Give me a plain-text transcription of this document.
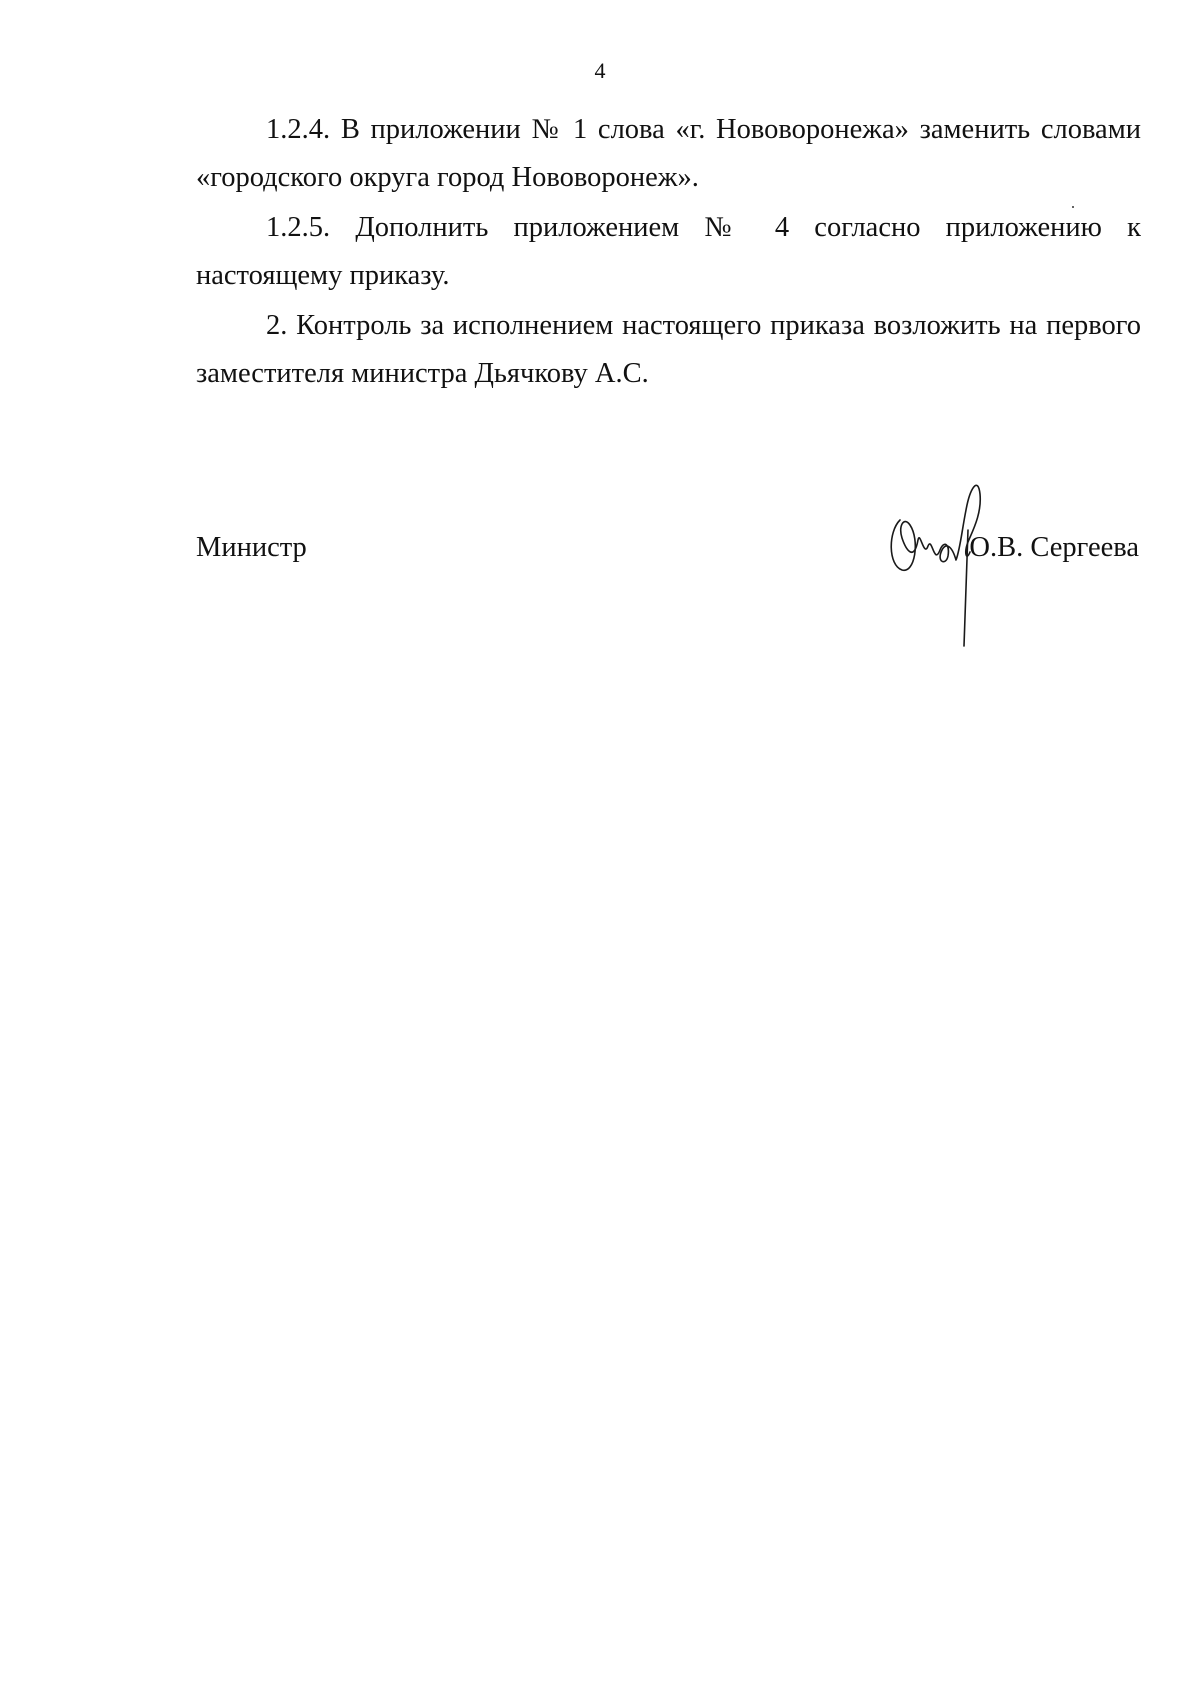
4

1.2.4. В приложении № 1 слова «г. Нововоронежа» заменить словами «городского округа город Нововоронеж».

1.2.5. Дополнить приложением № 4 согласно приложению к настоящему приказу.

2. Контроль за исполнением настоящего приказа возложить на первого заместителя министра Дьячкову А.С.

Министр	О.В. Сергеева
